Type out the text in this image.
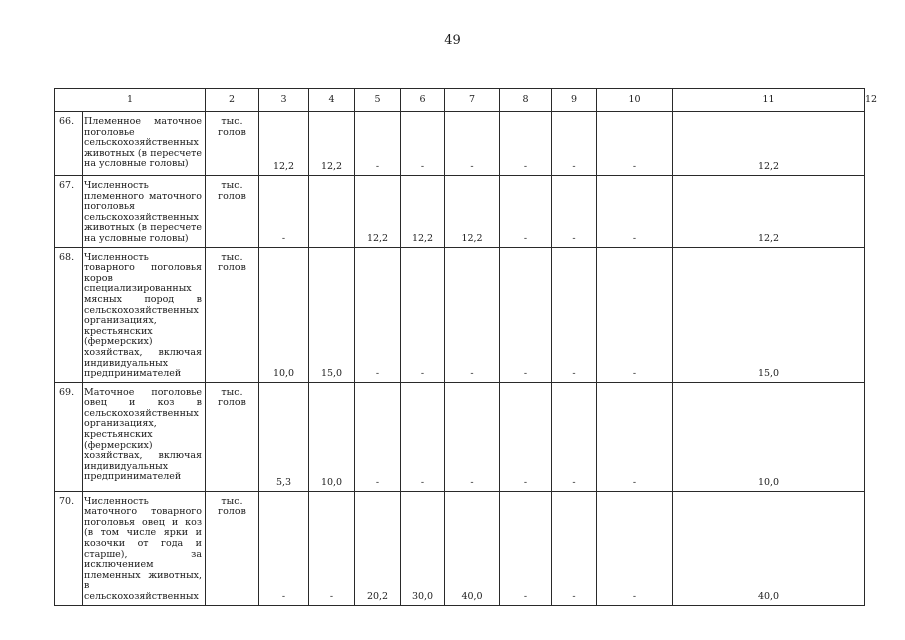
49
1		2	3	4	5	6	7	8	9	10	11	12
66.	Племенное маточное поголовье сельскохозяйственных животных (в пересчете на условные головы)	тыс. голов	12,2	12,2	-	-	-	-	-	-	12,2	
67.	Численность племенного маточного поголовья сельскохозяйственных животных (в пересчете на условные головы)	тыс. голов	-		12,2	12,2	12,2	-	-	-	12,2	
68.	Численность товарного поголовья коров специализированных мясных пород в сельскохозяйственных организациях, крестьянских (фермерских) хозяйствах, включая индивидуальных предпринимателей	тыс. голов	10,0	15,0	-	-	-	-	-	-	15,0	
69.	Маточное поголовье овец и коз в сельскохозяйственных организациях, крестьянских (фермерских) хозяйствах, включая индивидуальных предпринимателей	тыс. голов	5,3	10,0	-	-	-	-	-	-	10,0	
70.	Численность маточного товарного поголовья овец и коз (в том числе ярки и козочки от года и старше), за исключением племенных животных, в сельскохозяйственных	тыс. голов	-	-	20,2	30,0	40,0	-	-	-	40,0	
